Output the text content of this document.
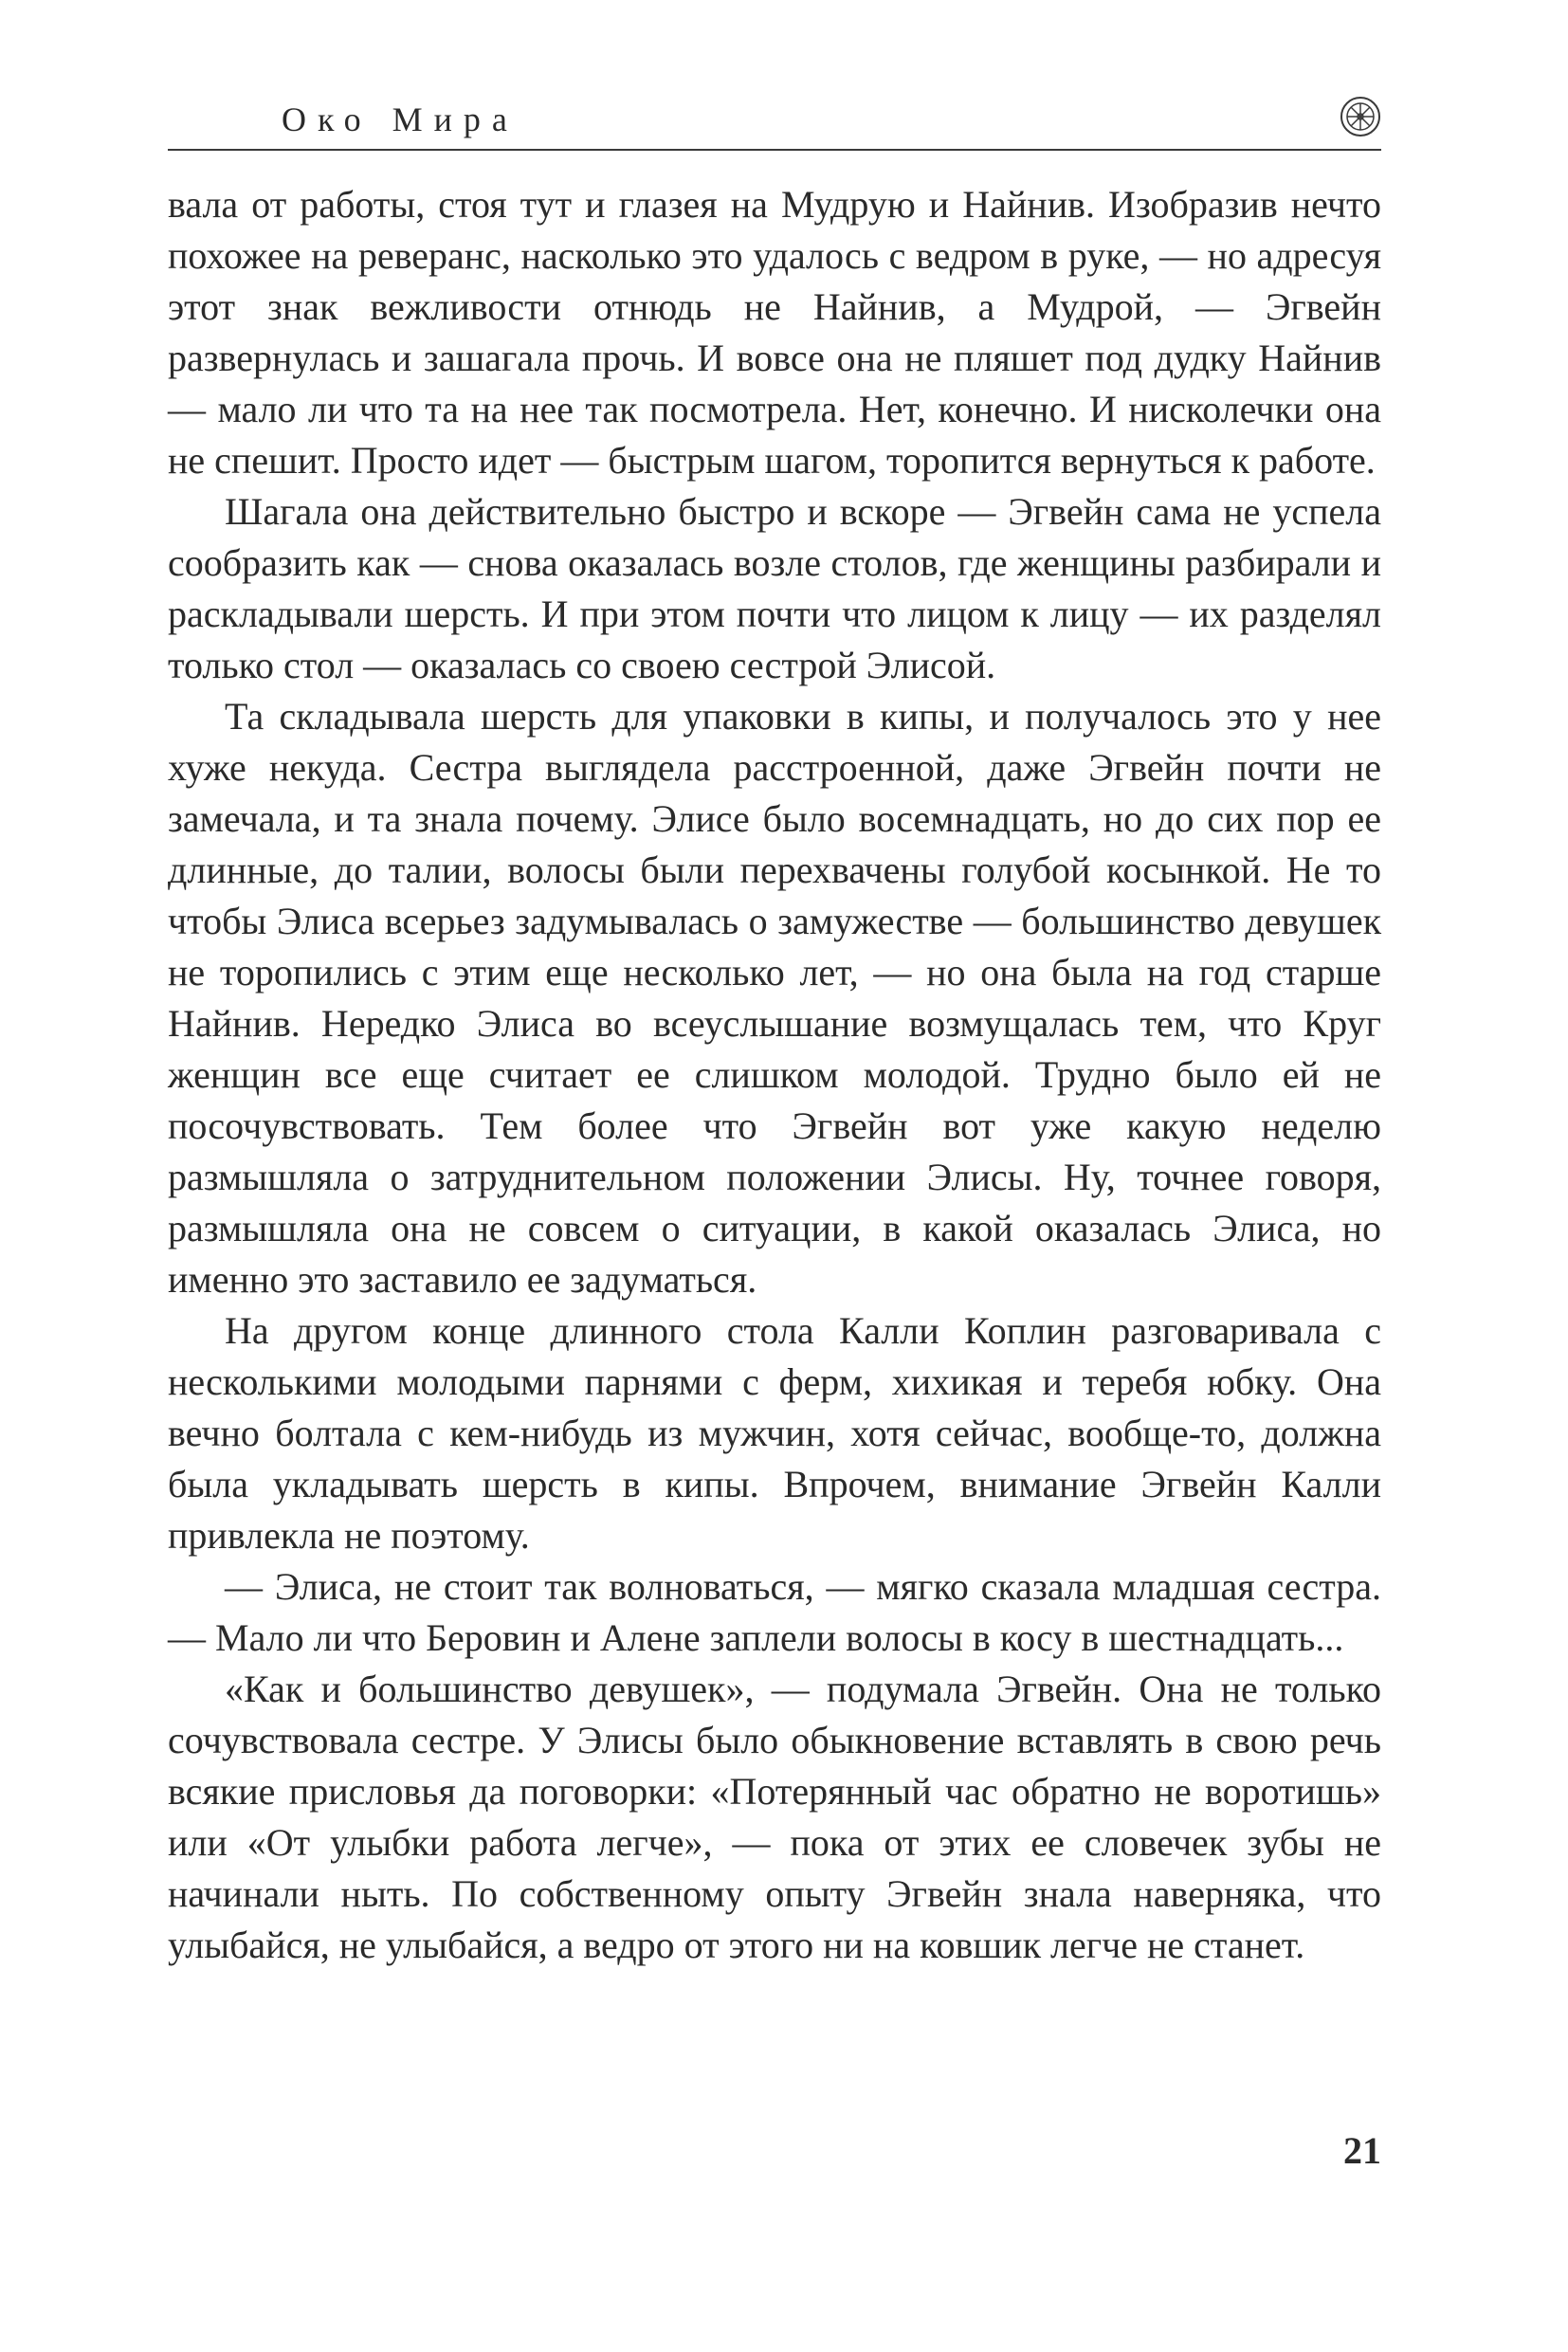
Око Мира

вала от работы, стоя тут и глазея на Мудрую и Найнив. Изобразив нечто похожее на реверанс, насколько это удалось с ведром в руке, — но адресуя этот знак вежливости отнюдь не Найнив, а Мудрой, — Эгвейн развернулась и зашагала прочь. И вовсе она не пляшет под дудку Найнив — мало ли что та на нее так посмотрела. Нет, конечно. И нисколечки она не спешит. Просто идет — быстрым шагом, торопится вернуться к работе.

Шагала она действительно быстро и вскоре — Эгвейн сама не успела сообразить как — снова оказалась возле столов, где женщины разбирали и раскладывали шерсть. И при этом почти что лицом к лицу — их разделял только стол — оказалась со своею сестрой Элисой.

Та складывала шерсть для упаковки в кипы, и получалось это у нее хуже некуда. Сестра выглядела расстроенной, даже Эгвейн почти не замечала, и та знала почему. Элисе было восемнадцать, но до сих пор ее длинные, до талии, волосы были перехвачены голубой косынкой. Не то чтобы Элиса всерьез задумывалась о замужестве — большинство девушек не торопились с этим еще несколько лет, — но она была на год старше Найнив. Нередко Элиса во всеуслышание возмущалась тем, что Круг женщин все еще считает ее слишком молодой. Трудно было ей не посочувствовать. Тем более что Эгвейн вот уже какую неделю размышляла о затруднительном положении Элисы. Ну, точнее говоря, размышляла она не совсем о ситуации, в какой оказалась Элиса, но именно это заставило ее задуматься.

На другом конце длинного стола Калли Коплин разговаривала с несколькими молодыми парнями с ферм, хихикая и теребя юбку. Она вечно болтала с кем-нибудь из мужчин, хотя сейчас, вообще-то, должна была укладывать шерсть в кипы. Впрочем, внимание Эгвейн Калли привлекла не поэтому.

— Элиса, не стоит так волноваться, — мягко сказала младшая сестра. — Мало ли что Беровин и Алене заплели волосы в косу в шестнадцать...

«Как и большинство девушек», — подумала Эгвейн. Она не только сочувствовала сестре. У Элисы было обыкновение вставлять в свою речь всякие присловья да поговорки: «Потерянный час обратно не воротишь» или «От улыбки работа легче», — пока от этих ее словечек зубы не начинали ныть. По собственному опыту Эгвейн знала наверняка, что улыбайся, не улыбайся, а ведро от этого ни на ковшик легче не станет.

21
